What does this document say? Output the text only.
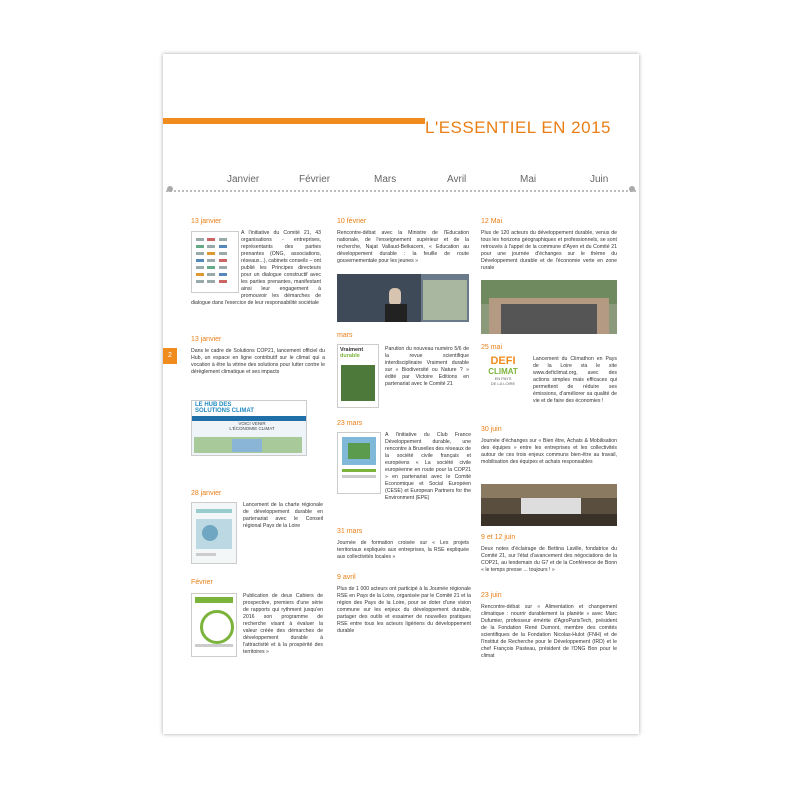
L'ESSENTIEL EN 2015
Janvier	Février	Mars	Avril	Mai	Juin
2
13 janvier
À l'initiative du Comité 21, 43 organisations - entreprises, représentants des parties prenantes (ONG, associations, réseaux...), cabinets conseils – ont publié les Principes directeurs pour un dialogue constructif avec les parties prenantes, manifestant ainsi leur engagement à promouvoir les démarches de dialogue dans l'exercice de leur responsabilité sociétale
13 janvier
Dans le cadre de Solutions COP21, lancement officiel du Hub, un espace en ligne contributif sur le climat qui a vocation à être la vitrine des solutions pour lutter contre le dérèglement climatique et ses impacts
LE HUB DES
SOLUTIONS CLIMAT
VOICI VENIR
L'ÉCONOMIE CLIMAT
28 janvier
Lancement de la charte régionale de développement durable en partenariat avec le Conseil régional Pays de la Loire
Février
Publication de deux Cahiers de prospective, premiers d'une série de rapports qui rythment jusqu'en 2016 son programme de recherche visant à évaluer la valeur créée des démarches de développement durable à l'attractivité et à la prospérité des territoires »
10 février
Rencontre-débat avec la Ministre de l'Education nationale, de l'enseignement supérieur et de la recherche, Najat Vallaud-Belkacem, « Education au développement durable : la feuille de route gouvernementale pour les jeunes »
mars
Vraiment
durable
Parution du nouveau numéro 5/6 de la revue scientifique interdisciplinaire Vraiment durable sur « Biodiversité ou Nature ? » édité par Victoire Editions en partenariat avec le Comité 21
23 mars
À l'initiative du Club France Développement durable, une rencontre à Bruxelles des réseaux de la société civile français et européens « La société civile européenne en route pour la COP21 » en partenariat avec le Comité Economique et Social Européen (CESE) et European Partners for the Environment (EPE)
31 mars
Journée de formation croisée sur « Les projets territoriaux expliqués aux entreprises, la RSE expliquée aux collectivités locales »
9 avril
Plus de 1 000 acteurs ont participé à la Journée régionale RSE en Pays de la Loire, organisée par le Comité 21 et la région des Pays de la Loire, pour se doter d'une vision commune sur les enjeux du développement durable, partager des outils et essaimer de nouvelles pratiques RSE entre tous les acteurs ligériens du développement durable
12 Mai
Plus de 120 acteurs du développement durable, venus de tous les horizons géographiques et professionnels, se sont retrouvés à l'appel de la commune d'Ayen et du Comité 21 pour une journée d'échanges sur le thème du Développement durable et de l'économie verte en zone rurale
25 mai
DEFI
CLIMAT
EN PAYS
DE LA LOIRE
Lancement du Climathon en Pays de la Loire via le site www.deficlimat.org, avec des actions simples mais efficaces qui permettent de réduire ses émissions, d'améliorer sa qualité de vie et de faire des économies !
30 juin
Journée d'échanges sur « Bien être, Achats & Mobilisation des équipes » entre les entreprises et les collectivités autour de ces trois enjeux communs bien-être au travail, mobilisation des équipes et achats responsables
9 et 12 juin
Deux notes d'éclairage de Bettina Laville, fondatrice du Comité 21, sur l'état d'avancement des négociations de la COP21, au lendemain du G7 et de la Conférence de Bonn « le temps presse ... toujours ! »
23 juin
Rencontre-débat sur « Alimentation et changement climatique : nourrir durablement la planète » avec Marc Dufumier, professeur émérite d'AgroParisTech, président de la Fondation René Dumont, membre des comités scientifiques de la Fondation Nicolas-Hulot (FNH) et de l'Institut de Recherche pour le Développement (IRD) et le chef François Pasteau, président de l'ONG Bon pour le climat
